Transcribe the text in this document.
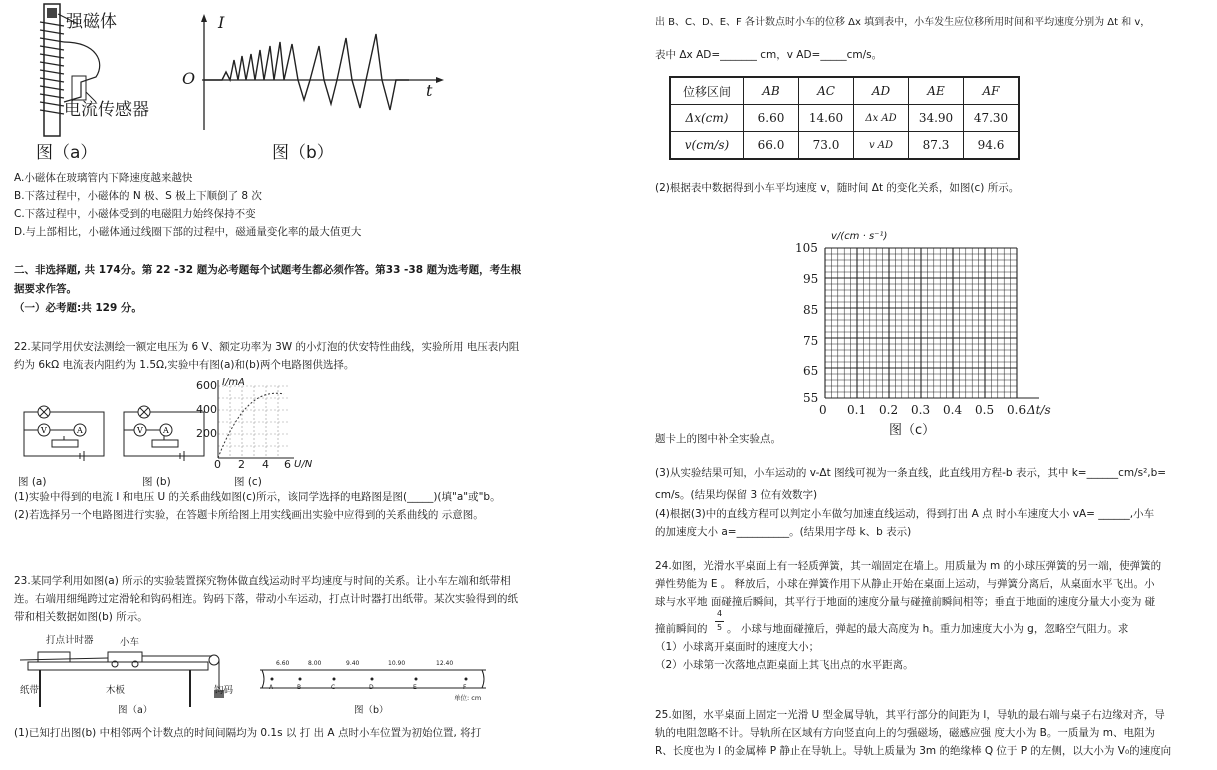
强磁体
电流传感器
图（a）
I
O
t
图（b）
A.小磁体在玻璃管内下降速度越来越快
B.下落过程中，小磁体的 N 极、S 极上下顺倒了 8 次
C.下落过程中，小磁体受到的电磁阻力始终保持不变
D.与上部相比，小磁体通过线圈下部的过程中，磁通量变化率的最大值更大
二、非选择题, 共 174分。第 22 -32 题为必考题每个试题考生都必须作答。第33 -38 题为选考题，考生根
据要求作答。
（一）必考题:共 129 分。
22.某同学用伏安法测绘一额定电压为 6 V、额定功率为 3W 的小灯泡的伏安特性曲线，实验所用 电压表内阻
约为 6kΩ 电流表内阻约为 1.5Ω,实验中有图(a)和(b)两个电路图供选择。
V	A	V	A
I/mA
600
400
200
0 2 4 6 U/N
图 (a)	图 (b)	图 (c)
(1)实验中得到的电流 I 和电压 U 的关系曲线如图(c)所示，该同学选择的电路图是图(_____)(填"a"或"b。
(2)若选择另一个电路图进行实验，在答题卡所给图上用实线画出实验中应得到的关系曲线的 示意图。
23.某同学利用如图(a) 所示的实验装置探究物体做直线运动时平均速度与时间的关系。让小车左端和纸带相
连。右端用细绳跨过定滑轮和钩码相连。钩码下落，带动小车运动，打点计时器打出纸带。某次实验得到的纸
带和相关数据如图(b) 所示。
打点计时器	小车
纸带	木板	钩码
图（a）
6.60	8.00	9.40	10.90	12.40
A	B	C	D	E	F
单位: cm
图（b）
(1)已知打出图(b) 中相邻两个计数点的时间间隔均为 0.1s 以 打 出 A 点时小车位置为初始位置, 将打
出 B、C、D、E、F 各计数点时小车的位移 Δx 填到表中，小车发生应位移所用时间和平均速度分别为 Δt 和 v，
表中 Δx AD=_______ cm，v AD=_____cm/s。
位移区间	AB	AC	AD	AE	AF
Δx(cm)	6.60	14.60	Δx AD	34.90	47.30
v(cm/s)	66.0	73.0	v AD	87.3	94.6
(2)根据表中数据得到小车平均速度 v，随时间 Δt 的变化关系，如图(c) 所示。
v/(cm · s⁻¹)
105
95
85
75
65
55
0 0.1 0.2 0.3 0.4 0.5 0.6 Δt/s
图（c）
题卡上的图中补全实验点。
(3)从实验结果可知，小车运动的 v-Δt 图线可视为一条直线，此直线用方程-b 表示，其中 k=______cm/s²,b=
cm/s。(结果均保留 3 位有效数字)
(4)根据(3)中的直线方程可以判定小车做匀加速直线运动，得到打出 A 点 时小车速度大小 vA= ______,小车
的加速度大小 a=__________。(结果用字母 k、b 表示)
24.如图，光滑水平桌面上有一轻质弹簧，其一端固定在墙上。用质量为 m 的小球压弹簧的另一端，使弹簧的
弹性势能为 E 。 释放后，小球在弹簧作用下从静止开始在桌面上运动，与弹簧分离后，从桌面水平飞出。小
球与水平地 面碰撞后瞬间，其平行于地面的速度分量与碰撞前瞬间相等；垂直于地面的速度分量大小变为 碰
撞前瞬间的
4
5 。 小球与地面碰撞后，弹起的最大高度为 h。重力加速度大小为 g，忽略空气阻力。求
（1）小球离开桌面时的速度大小；
（2）小球第一次落地点距桌面上其飞出点的水平距离。
25.如图，水平桌面上固定一光滑 U 型金属导轨，其平行部分的间距为 l，导轨的最右端与桌子右边缘对齐，导
轨的电阻忽略不计。导轨所在区域有方向竖直向上的匀强磁场，磁感应强 度大小为 B。一质量为 m、电阻为
R、长度也为 l 的金属棒 P 静止在导轨上。导轨上质量为 3m 的绝缘棒 Q 位于 P 的左侧，以大小为 V₀的速度向
